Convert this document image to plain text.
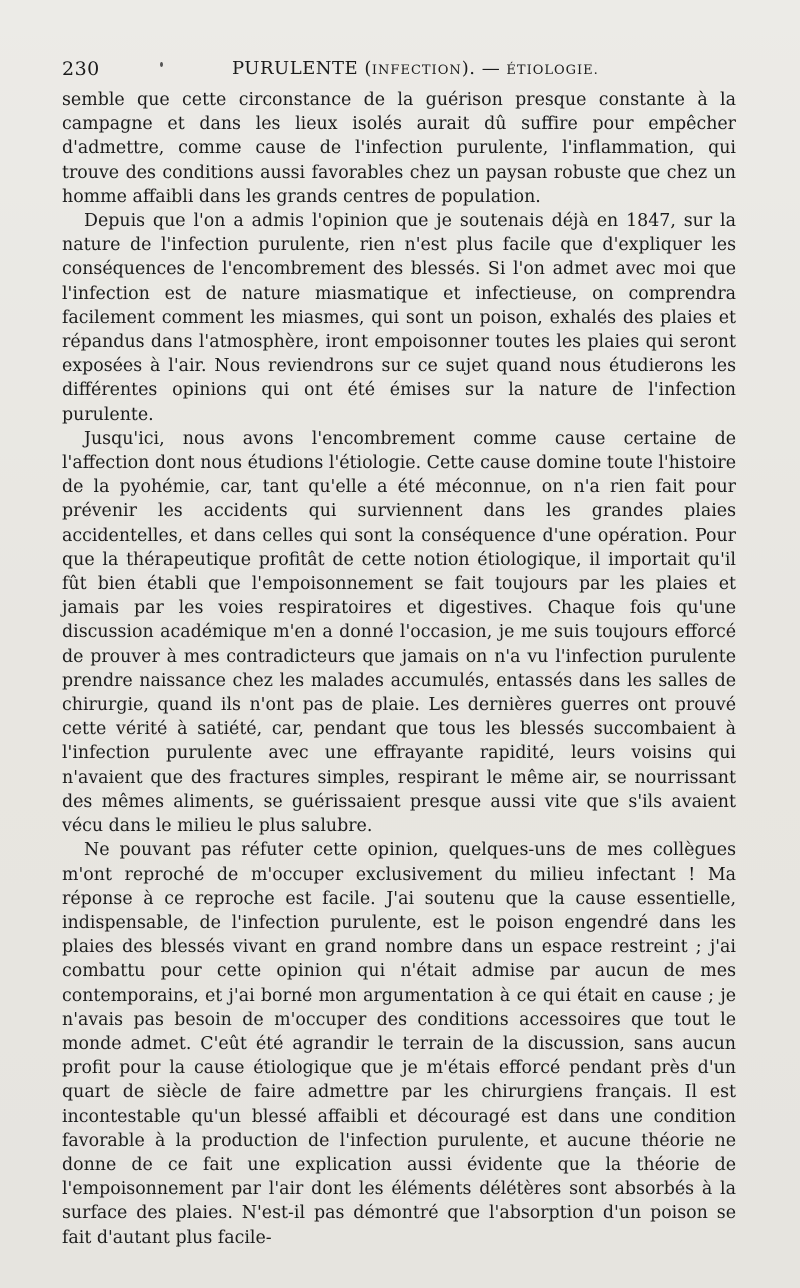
230	PURULENTE (INFECTION). — ÉTIOLOGIE.

semble que cette circonstance de la guérison presque constante à la campagne et dans les lieux isolés aurait dû suffire pour empêcher d'admettre, comme cause de l'infection purulente, l'inflammation, qui trouve des conditions aussi favorables chez un paysan robuste que chez un homme affaibli dans les grands centres de population.

Depuis que l'on a admis l'opinion que je soutenais déjà en 1847, sur la nature de l'infection purulente, rien n'est plus facile que d'expliquer les conséquences de l'encombrement des blessés. Si l'on admet avec moi que l'infection est de nature miasmatique et infectieuse, on comprendra facilement comment les miasmes, qui sont un poison, exhalés des plaies et répandus dans l'atmosphère, iront empoisonner toutes les plaies qui seront exposées à l'air. Nous reviendrons sur ce sujet quand nous étudierons les différentes opinions qui ont été émises sur la nature de l'infection purulente.

Jusqu'ici, nous avons l'encombrement comme cause certaine de l'affection dont nous étudions l'étiologie. Cette cause domine toute l'histoire de la pyohémie, car, tant qu'elle a été méconnue, on n'a rien fait pour prévenir les accidents qui surviennent dans les grandes plaies accidentelles, et dans celles qui sont la conséquence d'une opération. Pour que la thérapeutique profitât de cette notion étiologique, il importait qu'il fût bien établi que l'empoisonnement se fait toujours par les plaies et jamais par les voies respiratoires et digestives. Chaque fois qu'une discussion académique m'en a donné l'occasion, je me suis toujours efforcé de prouver à mes contradicteurs que jamais on n'a vu l'infection purulente prendre naissance chez les malades accumulés, entassés dans les salles de chirurgie, quand ils n'ont pas de plaie. Les dernières guerres ont prouvé cette vérité à satiété, car, pendant que tous les blessés succombaient à l'infection purulente avec une effrayante rapidité, leurs voisins qui n'avaient que des fractures simples, respirant le même air, se nourrissant des mêmes aliments, se guérissaient presque aussi vite que s'ils avaient vécu dans le milieu le plus salubre.

Ne pouvant pas réfuter cette opinion, quelques-uns de mes collègues m'ont reproché de m'occuper exclusivement du milieu infectant ! Ma réponse à ce reproche est facile. J'ai soutenu que la cause essentielle, indispensable, de l'infection purulente, est le poison engendré dans les plaies des blessés vivant en grand nombre dans un espace restreint ; j'ai combattu pour cette opinion qui n'était admise par aucun de mes contemporains, et j'ai borné mon argumentation à ce qui était en cause ; je n'avais pas besoin de m'occuper des conditions accessoires que tout le monde admet. C'eût été agrandir le terrain de la discussion, sans aucun profit pour la cause étiologique que je m'étais efforcé pendant près d'un quart de siècle de faire admettre par les chirurgiens français. Il est incontestable qu'un blessé affaibli et découragé est dans une condition favorable à la production de l'infection purulente, et aucune théorie ne donne de ce fait une explication aussi évidente que la théorie de l'empoisonnement par l'air dont les éléments délétères sont absorbés à la surface des plaies. N'est-il pas démontré que l'absorption d'un poison se fait d'autant plus facile-
